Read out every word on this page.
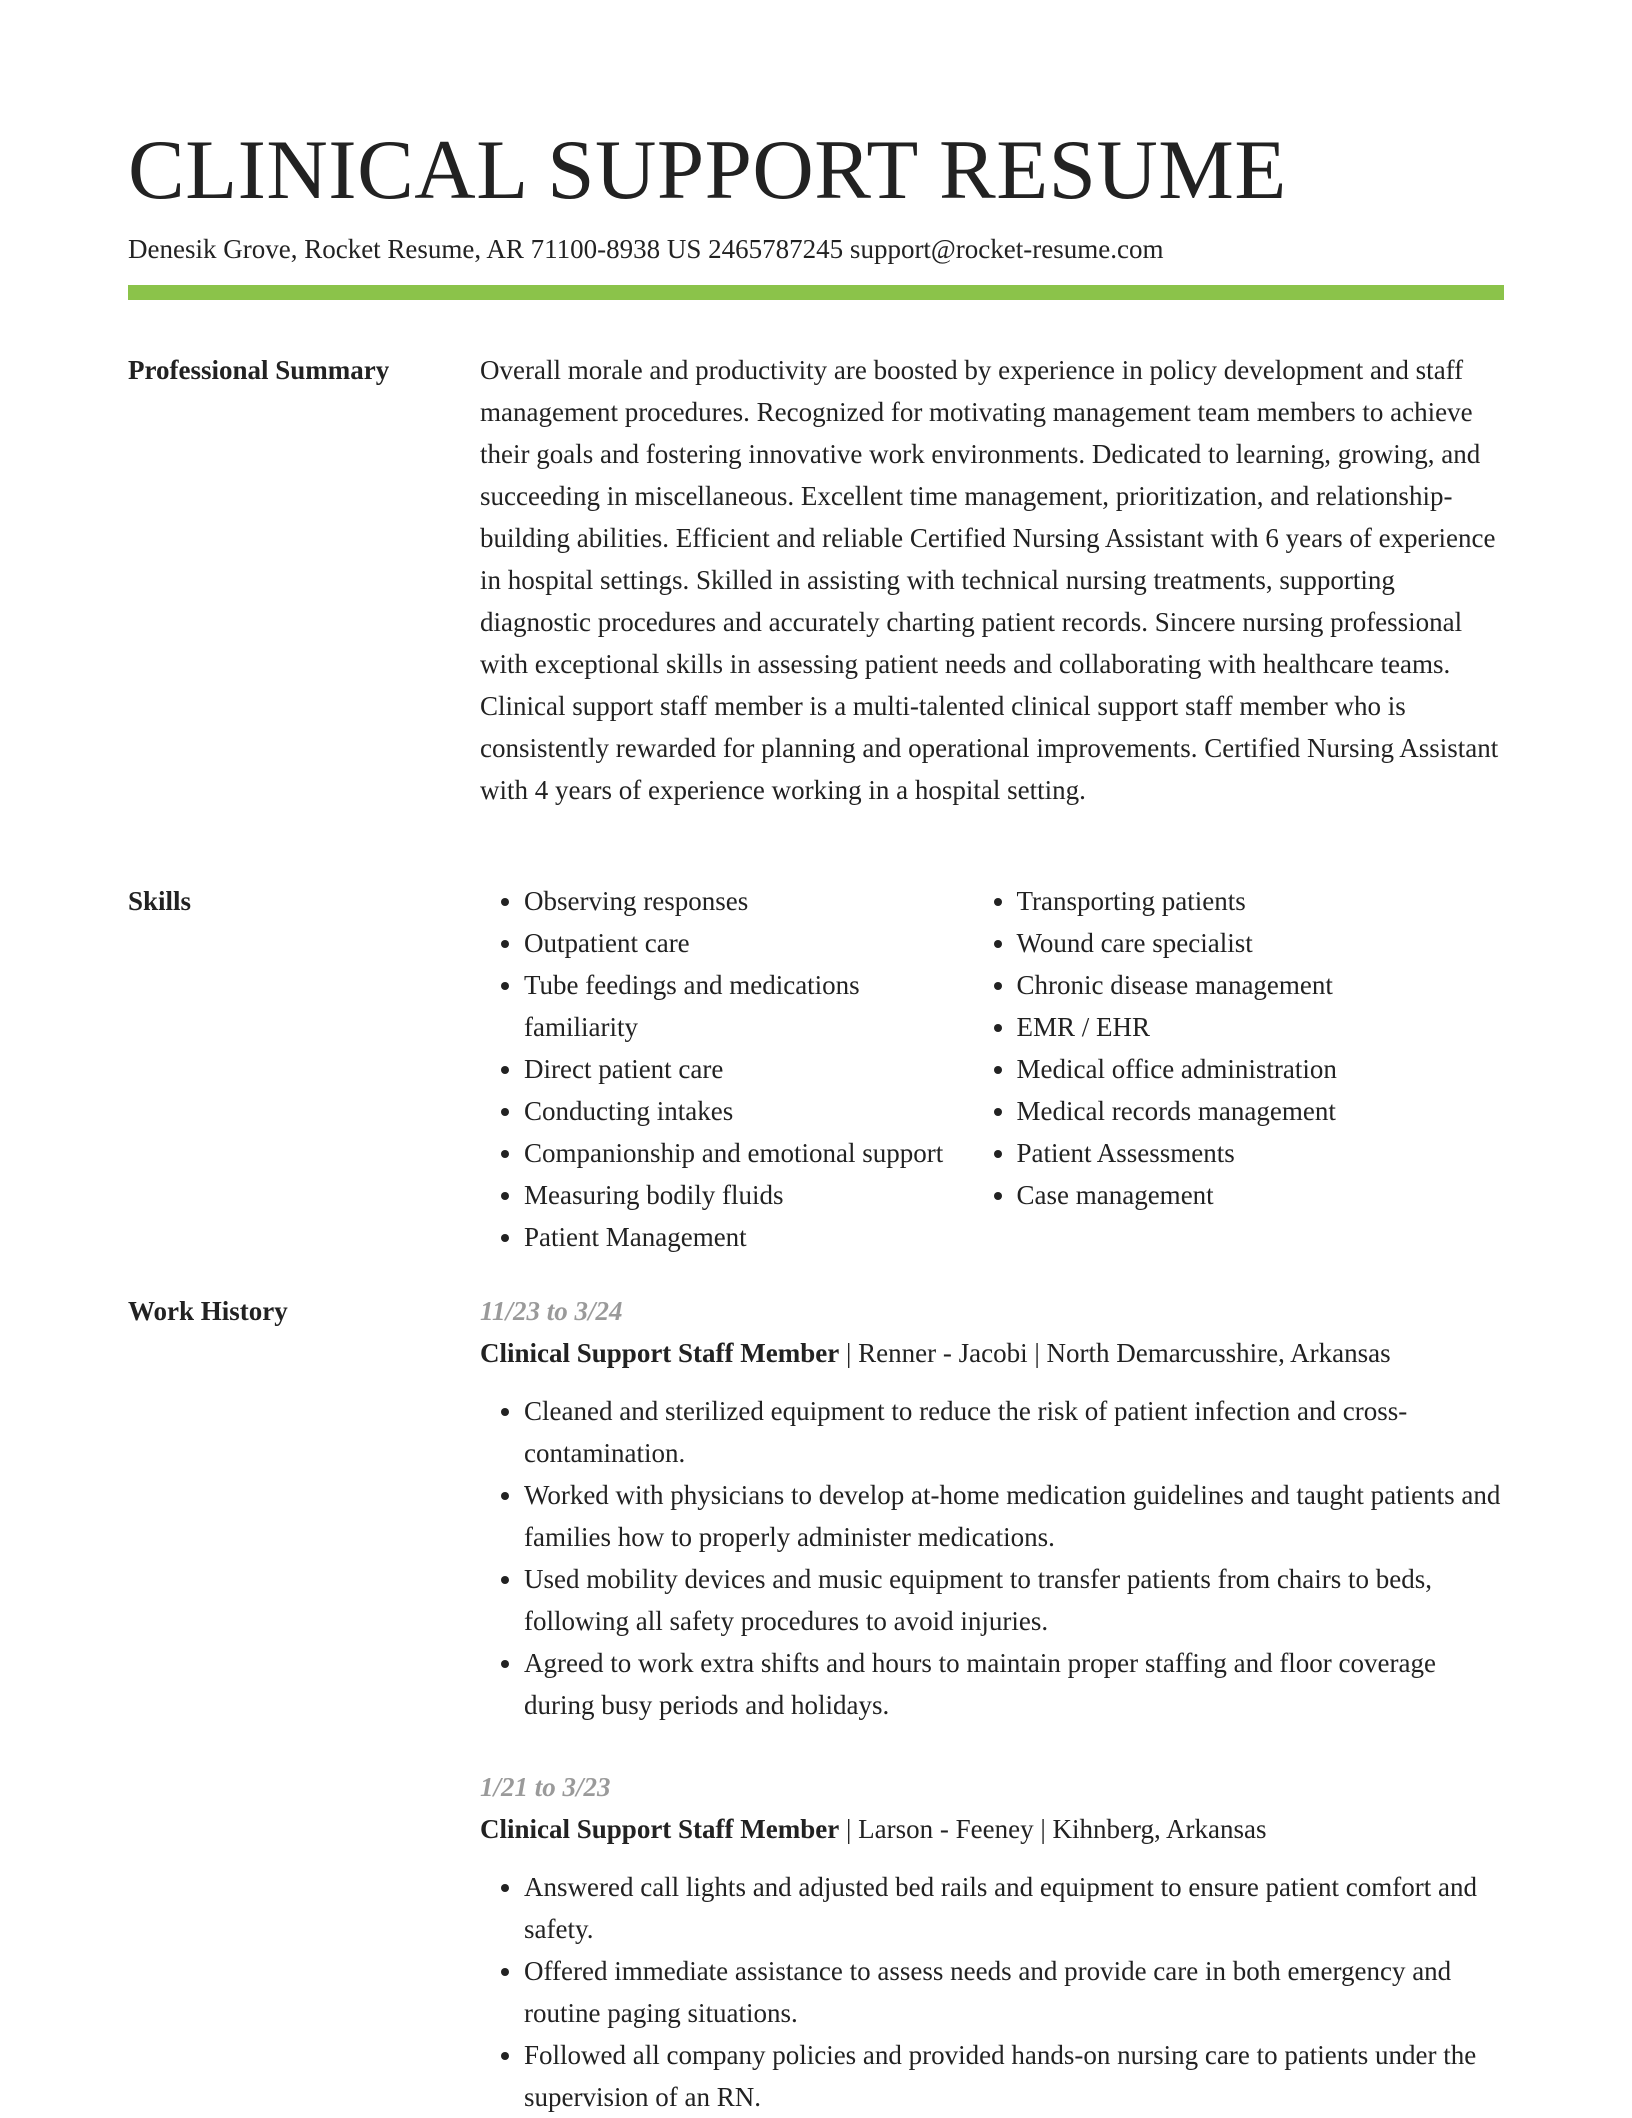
CLINICAL SUPPORT RESUME
Denesik Grove, Rocket Resume, AR 71100-8938 US 2465787245 support@rocket-resume.com
Professional Summary	Overall morale and productivity are boosted by experience in policy development and staff management procedures. Recognized for motivating management team members to achieve their goals and fostering innovative work environments. Dedicated to learning, growing, and succeeding in miscellaneous. Excellent time management, prioritization, and relationship-building abilities. Efficient and reliable Certified Nursing Assistant with 6 years of experience in hospital settings. Skilled in assisting with technical nursing treatments, supporting diagnostic procedures and accurately charting patient records. Sincere nursing professional with exceptional skills in assessing patient needs and collaborating with healthcare teams. Clinical support staff member is a multi-talented clinical support staff member who is consistently rewarded for planning and operational improvements. Certified Nursing Assistant with 4 years of experience working in a hospital setting.

Skills
•	Observing responses
• Outpatient care
• Tube feedings and medications familiarity
• Direct patient care
• Conducting intakes
• Companionship and emotional support
• Measuring bodily fluids
• Patient Management
• Transporting patients
• Wound care specialist
• Chronic disease management
• EMR / EHR
• Medical office administration
• Medical records management
• Patient Assessments
• Case management
Work History	11/23 to 3/24
Clinical Support Staff Member | Renner - Jacobi | North Demarcusshire, Arkansas
• Cleaned and sterilized equipment to reduce the risk of patient infection and cross-contamination.
• Worked with physicians to develop at-home medication guidelines and taught patients and families how to properly administer medications.
• Used mobility devices and music equipment to transfer patients from chairs to beds, following all safety procedures to avoid injuries.
• Agreed to work extra shifts and hours to maintain proper staffing and floor coverage during busy periods and holidays.
1/21 to 3/23
Clinical Support Staff Member | Larson - Feeney | Kihnberg, Arkansas
• Answered call lights and adjusted bed rails and equipment to ensure patient comfort and safety.
• Offered immediate assistance to assess needs and provide care in both emergency and routine paging situations.
• Followed all company policies and provided hands-on nursing care to patients under the supervision of an RN.
